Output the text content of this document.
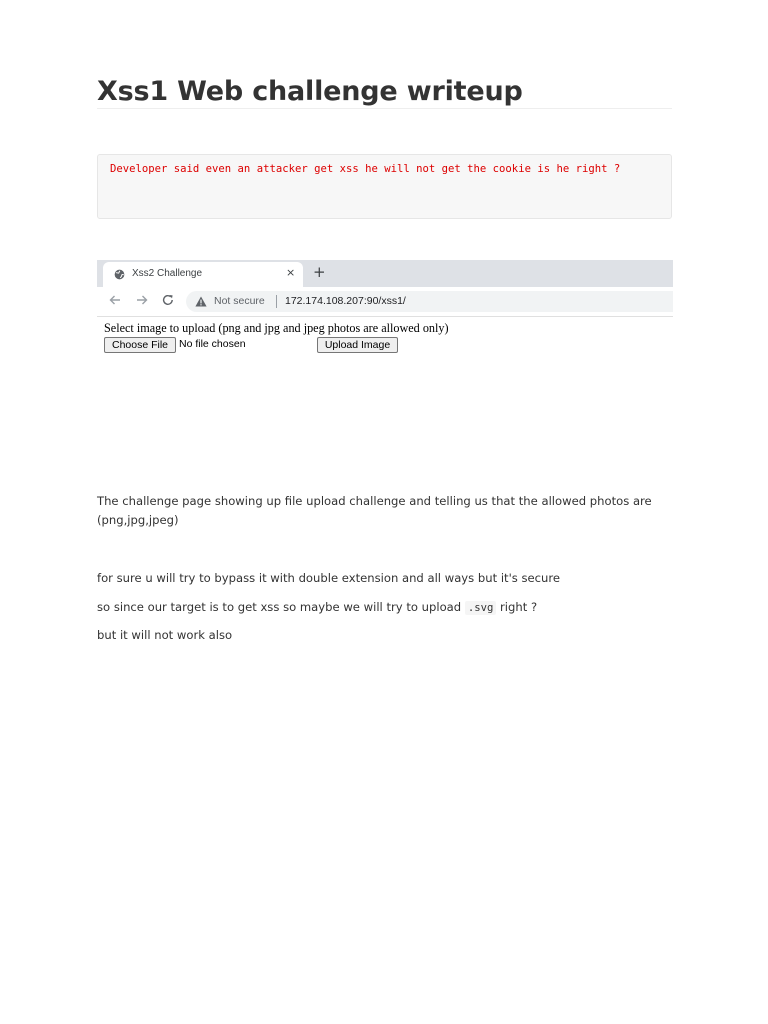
Xss1 Web challenge writeup
Developer said even an attacker get xss he will not get the cookie is he right ?
Xss2 Challenge	× +
Not secure 172.174.108.207:90/xss1/
Select image to upload (png and jpg and jpeg photos are allowed only)
Choose File	No file chosen	Upload Image

The challenge page showing up file upload challenge and telling us that the allowed photos are (png,jpg,jpeg)

for sure u will try to bypass it with double extension and all ways but it's secure

so since our target is to get xss so maybe we will try to upload .svg right ?

but it will not work also
